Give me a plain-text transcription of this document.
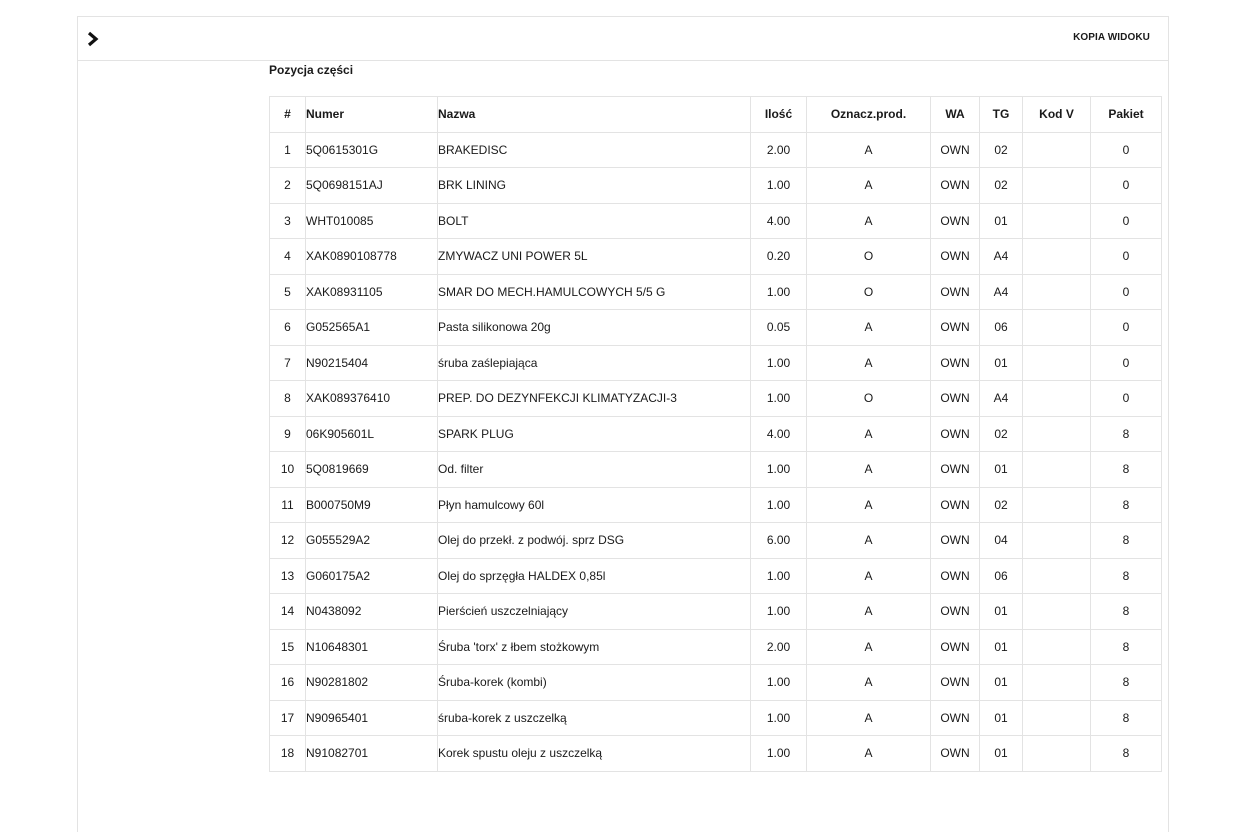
KOPIA WIDOKU
Pozycja części
#	Numer	Nazwa	Ilość	Oznacz.prod.	WA	TG	Kod V	Pakiet
1	5Q0615301G	BRAKEDISC	2.00	A	OWN	02		0
2	5Q0698151AJ	BRK LINING	1.00	A	OWN	02		0
3	WHT010085	BOLT	4.00	A	OWN	01		0
4	XAK0890108778	ZMYWACZ UNI POWER 5L	0.20	O	OWN	A4		0
5	XAK08931105	SMAR DO MECH.HAMULCOWYCH 5/5 G	1.00	O	OWN	A4		0
6	G052565A1	Pasta silikonowa 20g	0.05	A	OWN	06		0
7	N90215404	śruba zaślepiająca	1.00	A	OWN	01		0
8	XAK089376410	PREP. DO DEZYNFEKCJI KLIMATYZACJI-3	1.00	O	OWN	A4		0
9	06K905601L	SPARK PLUG	4.00	A	OWN	02		8
10	5Q0819669	Od. filter	1.00	A	OWN	01		8
11	B000750M9	Płyn hamulcowy 60l	1.00	A	OWN	02		8
12	G055529A2	Olej do przekł. z podwój. sprz DSG	6.00	A	OWN	04		8
13	G060175A2	Olej do sprzęgła HALDEX 0,85l	1.00	A	OWN	06		8
14	N0438092	Pierścień uszczelniający	1.00	A	OWN	01		8
15	N10648301	Śruba 'torx' z łbem stożkowym	2.00	A	OWN	01		8
16	N90281802	Śruba-korek (kombi)	1.00	A	OWN	01		8
17	N90965401	śruba-korek z uszczelką	1.00	A	OWN	01		8
18	N91082701	Korek spustu oleju z uszczelką	1.00	A	OWN	01		8
